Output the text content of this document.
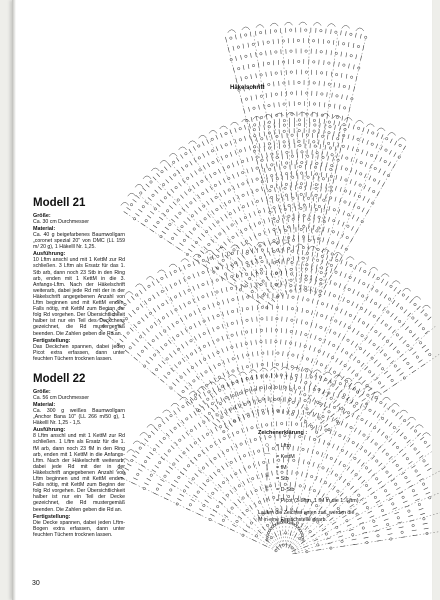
Häkelschrift
Modell 21
Größe:
Ca. 30 cm Durchmesser
Material:
Ca. 40 g beigefarbenes Baumwollgarn „coronet spezial 20" von DMC (LL 159 m/ 20 g), 1 Häkelll Nr. 1,25.
Ausführung:
10 Lftm anschl und mit 1 KettM zur Rd schließen. 3 Lftm als Ersatz für das 1. Stb arb, dann noch 23 Stb in den Ring arb, enden mit 1 KettM in die 3. Anfangs-Lftm. Nach der Häkelschrift weiterarb, dabei jede Rd mit der in der Häkelschrift angegebenen Anzahl von Lftm beginnen und mit KettM enden. Falls nötig, mit KettM zum Beginn der folg Rd vorgehen. Der Übersichtlichkeit halber ist nur ein Teil des Deckchens gezeichnet, die Rd mustergemäß beenden. Die Zahlen geben die Rd an.
Fertigstellung:
Das Deckchen spannen, dabei jeden Picot extra erfassen, dann unter feuchten Tüchern trocknen lassen.
Modell 22
Größe:
Ca. 56 cm Durchmesser
Material:
Ca. 300 g weißes Baumwollgarn „Anchor Bana 10" (LL 266 m/50 g), 1 Häkelll Nr. 1,25 - 1,5.
Ausführung:
8 Lftm anschl und mit 1 KettM zur Rd schließen. 1 Lftm als Ersatz für die 1. fM arb, dann noch 23 fM in den Ring arb, enden mit 1 KettM in die Anfangs-Lftm. Nach der Häkelschrift weiterarb, dabei jede Rd mit der in der Häkelschrift angegebenen Anzahl von Lftm beginnen und mit KettM enden. Falls nötig, mit KettM zum Beginn der folg Rd vorgehen. Der Übersichtlichkeit halber ist nur ein Teil der Decke gezeichnet, die Rd mustergemäß beenden. Die Zahlen geben die Rd an.
Fertigstellung:
Die Decke spannen, dabei jeden Lftm-Bogen extra erfassen, dann unter feuchten Tüchern trocknen lassen.
Zeichenerklärung :
○	= Lftm
⌒	= KettM
|	= fM
†	= Stb
‡	= D-Stb
♀	= Picot (3 Lftm, 1 fM in die 1. Lftm)
Laufen die Zeichen unten zus. werden die M in eine Einstichstelle gearb.
30
